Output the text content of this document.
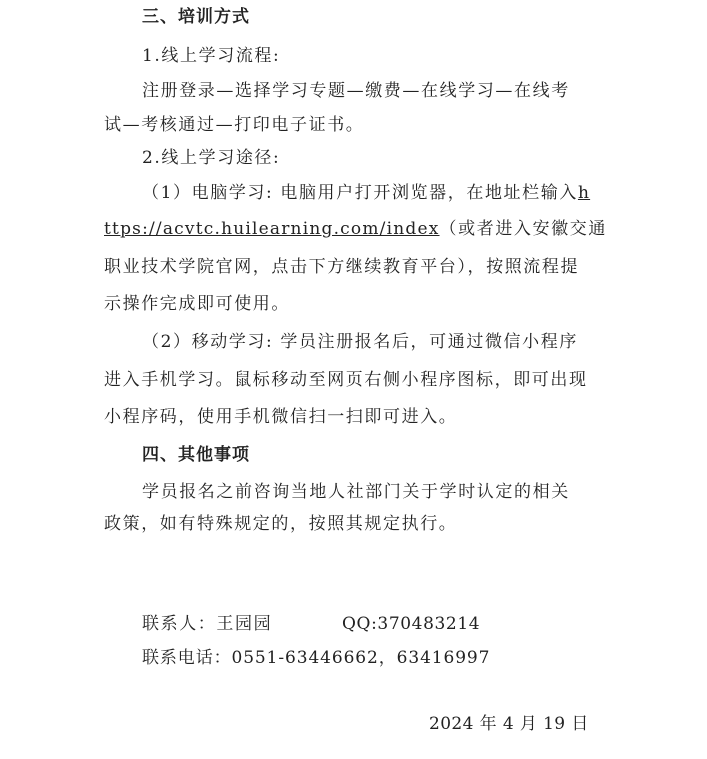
三、培训方式
1.线上学习流程:
注册登录—选择学习专题—缴费—在线学习—在线考
试—考核通过—打印电子证书。
2.线上学习途径:
（1）电脑学习: 电脑用户打开浏览器，在地址栏输入h
ttps://acvtc.huilearning.com/index（或者进入安徽交通
职业技术学院官网，点击下方继续教育平台），按照流程提
示操作完成即可使用。
（2）移动学习: 学员注册报名后，可通过微信小程序
进入手机学习。鼠标移动至网页右侧小程序图标，即可出现
小程序码，使用手机微信扫一扫即可进入。
四、其他事项
学员报名之前咨询当地人社部门关于学时认定的相关
政策，如有特殊规定的，按照其规定执行。
联系人：王园园	QQ:370483214
联系电话：0551-63446662，63416997
2024 年 4 月 19 日
